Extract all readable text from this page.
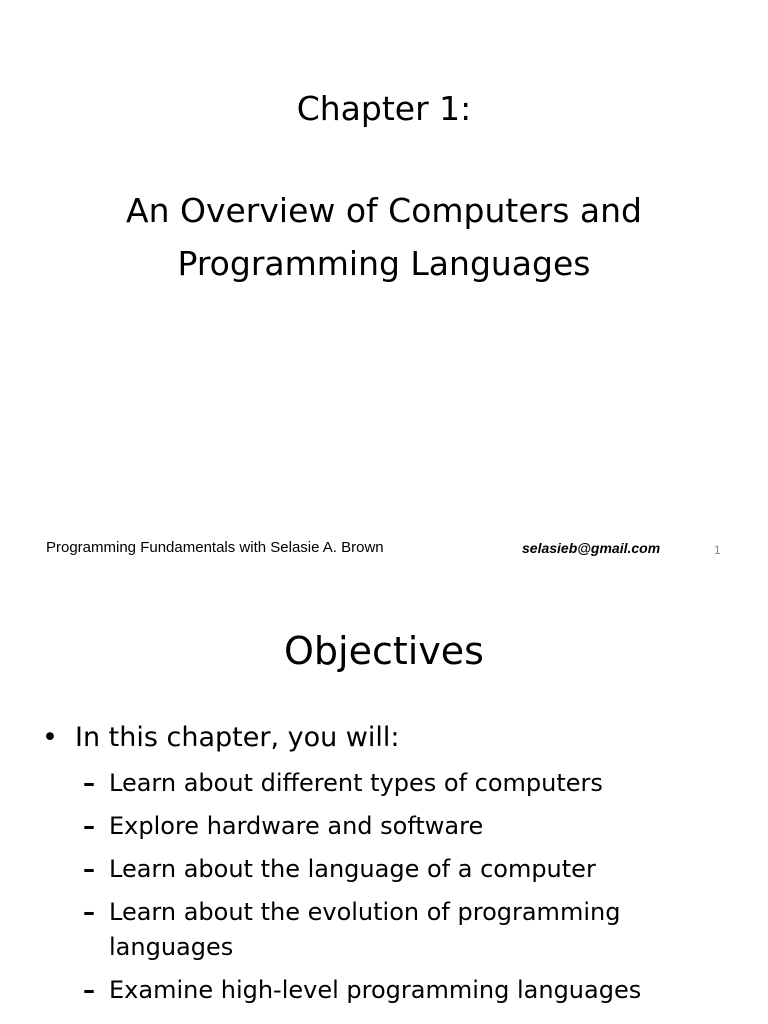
Chapter 1:
An Overview of Computers and
Programming Languages
Programming Fundamentals with Selasie A. Brown	selasieb@gmail.com	1
Objectives
• In this chapter, you will:
– Learn about different types of computers
– Explore hardware and software
– Learn about the language of a computer
– Learn about the evolution of programming languages
– Examine high-level programming languages
